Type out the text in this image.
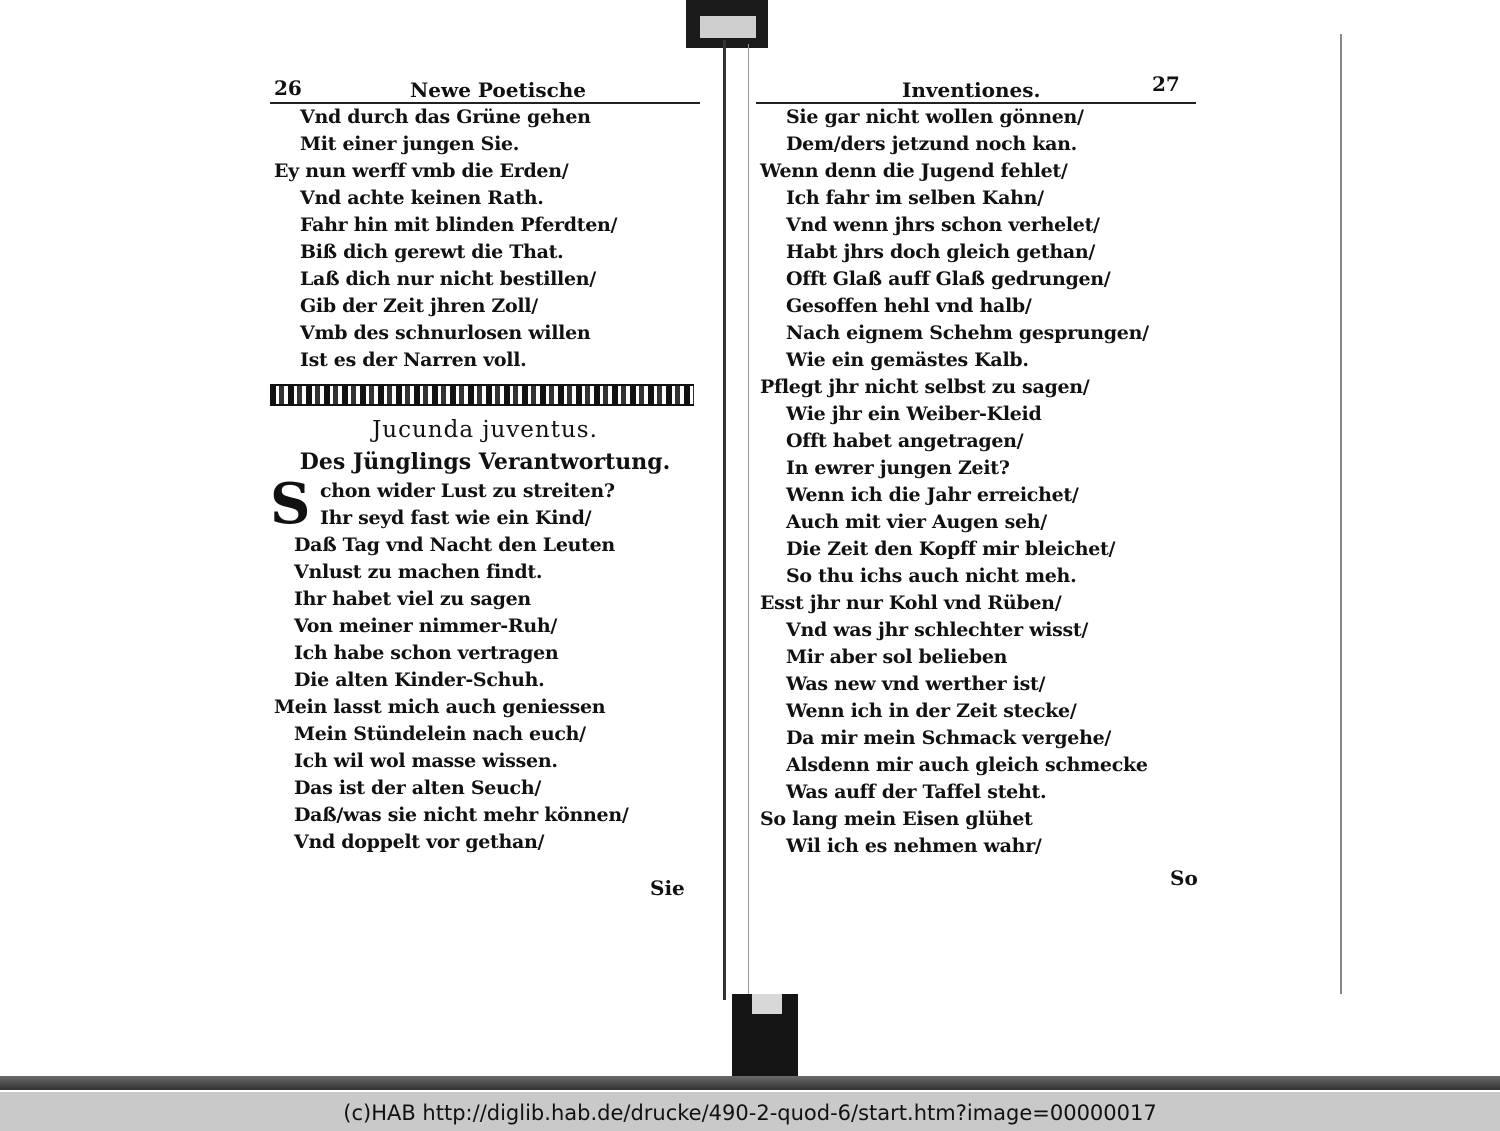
26	Newe Poetische
Vnd durch das Grüne gehen
Mit einer jungen Sie.
Ey nun werff vmb die Erden/
Vnd achte keinen Rath.
Fahr hin mit blinden Pferdten/
Biß dich gerewt die That.
Laß dich nur nicht bestillen/
Gib der Zeit jhren Zoll/
Vmb des schnurlosen willen
Ist es der Narren voll.
Jucunda juventus.
Des Jünglings Verantwortung.
S chon wider Lust zu streiten?
Ihr seyd fast wie ein Kind/
Daß Tag vnd Nacht den Leuten
Vnlust zu machen findt.
Ihr habet viel zu sagen
Von meiner nimmer-Ruh/
Ich habe schon vertragen
Die alten Kinder-Schuh.
Mein lasst mich auch geniessen
Mein Stündelein nach euch/
Ich wil wol masse wissen.
Das ist der alten Seuch/
Daß/was sie nicht mehr können/
Vnd doppelt vor gethan/
Sie
Inventiones.	27
Sie gar nicht wollen gönnen/
Dem/ders jetzund noch kan.
Wenn denn die Jugend fehlet/
Ich fahr im selben Kahn/
Vnd wenn jhrs schon verhelet/
Habt jhrs doch gleich gethan/
Offt Glaß auff Glaß gedrungen/
Gesoffen hehl vnd halb/
Nach eignem Schehm gesprungen/
Wie ein gemästes Kalb.
Pflegt jhr nicht selbst zu sagen/
Wie jhr ein Weiber-Kleid
Offt habet angetragen/
In ewrer jungen Zeit?
Wenn ich die Jahr erreichet/
Auch mit vier Augen seh/
Die Zeit den Kopff mir bleichet/
So thu ichs auch nicht meh.
Esst jhr nur Kohl vnd Rüben/
Vnd was jhr schlechter wisst/
Mir aber sol belieben
Was new vnd werther ist/
Wenn ich in der Zeit stecke/
Da mir mein Schmack vergehe/
Alsdenn mir auch gleich schmecke
Was auff der Taffel steht.
So lang mein Eisen glühet
Wil ich es nehmen wahr/
So
(c)HAB http://diglib.hab.de/drucke/490-2-quod-6/start.htm?image=00000017
